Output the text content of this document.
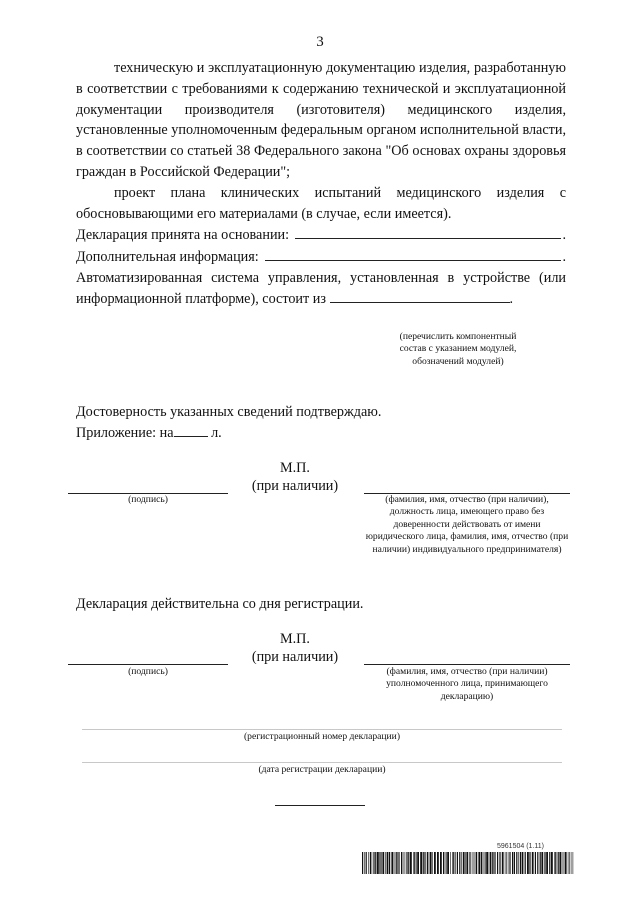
3

техническую и эксплуатационную документацию изделия, разработанную в соответствии с требованиями к содержанию технической и эксплуатационной документации производителя (изготовителя) медицинского изделия, установленные уполномоченным федеральным органом исполнительной власти, в соответствии со статьей 38 Федерального закона "Об основах охраны здоровья граждан в Российской Федерации";

проект плана клинических испытаний медицинского изделия с обосновывающими его материалами (в случае, если имеется).

Декларация принята на основании:	.
Дополнительная информация:	.

Автоматизированная система управления, установленная в устройстве (или информационной платформе), состоит из	.

(перечислить компонентный состав с указанием модулей, обозначений модулей)
Достоверность указанных сведений подтверждаю.
Приложение: на	л.
М.П.
(при наличии)
(подпись)	(фамилия, имя, отчество (при наличии), должность лица, имеющего право без доверенности действовать от имени юридического лица, фамилия, имя, отчество (при наличии) индивидуального предпринимателя)
Декларация действительна со дня регистрации.
М.П.
(при наличии)
(подпись)	(фамилия, имя, отчество (при наличии) уполномоченного лица, принимающего декларацию)
(регистрационный номер декларации)
(дата регистрации декларации)
5961504 (1.11)
